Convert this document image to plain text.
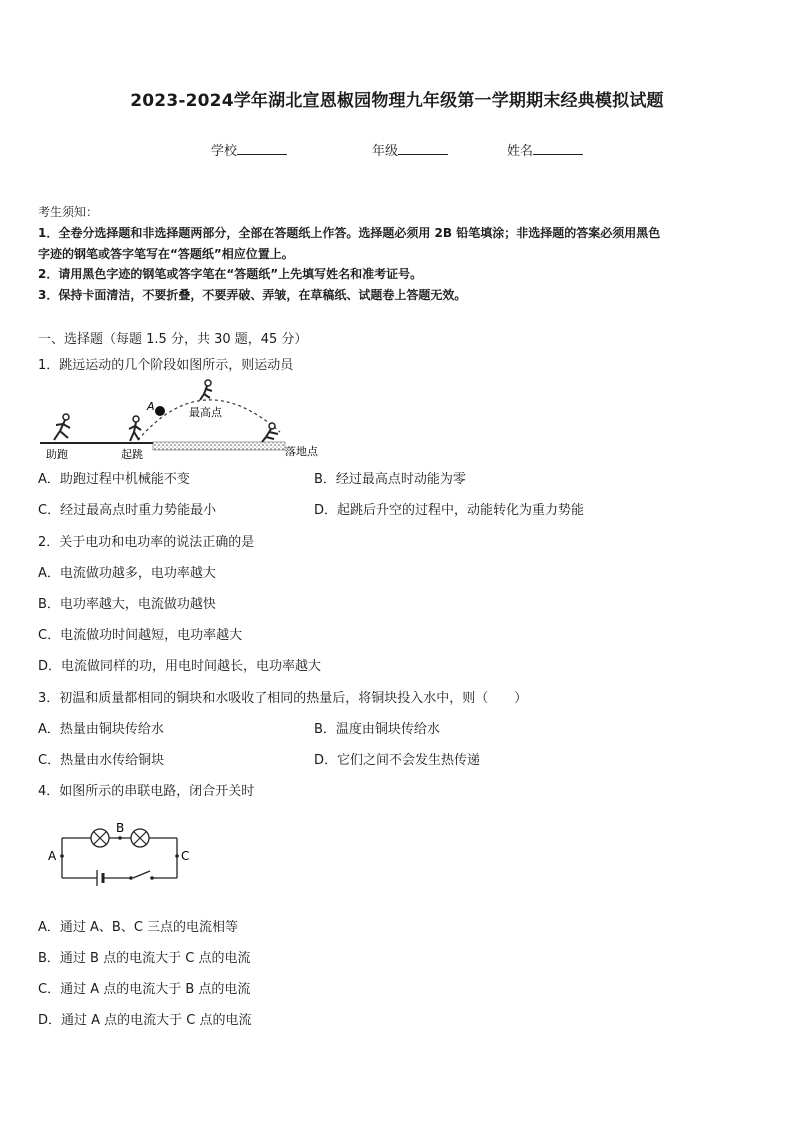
2023-2024学年湖北宣恩椒园物理九年级第一学期期末经典模拟试题
学校	年级	姓名
考生须知：
1．全卷分选择题和非选择题两部分，全部在答题纸上作答。选择题必须用 2B 铅笔填涂；非选择题的答案必须用黑色
字迹的钢笔或答字笔写在“答题纸”相应位置上。
2．请用黑色字迹的钢笔或答字笔在“答题纸”上先填写姓名和准考证号。
3．保持卡面清洁，不要折叠，不要弄破、弄皱，在草稿纸、试题卷上答题无效。
一、选择题（每题 1.5 分，共 30 题，45 分）
1．跳远运动的几个阶段如图所示，则运动员
A	最高点
助跑	起跳	落地点
A．助跑过程中机械能不变	B．经过最高点时动能为零
C．经过最高点时重力势能最小	D．起跳后升空的过程中，动能转化为重力势能
2．关于电功和电功率的说法正确的是
A．电流做功越多，电功率越大
B．电功率越大，电流做功越快
C．电流做功时间越短，电功率越大
D．电流做同样的功，用电时间越长，电功率越大
3．初温和质量都相同的铜块和水吸收了相同的热量后，将铜块投入水中，则（　　）
A．热量由铜块传给水	B．温度由铜块传给水
C．热量由水传给铜块	D．它们之间不会发生热传递
4．如图所示的串联电路，闭合开关时
A
B
C
A．通过 A、B、C 三点的电流相等
B．通过 B 点的电流大于 C 点的电流
C．通过 A 点的电流大于 B 点的电流
D．通过 A 点的电流大于 C 点的电流
